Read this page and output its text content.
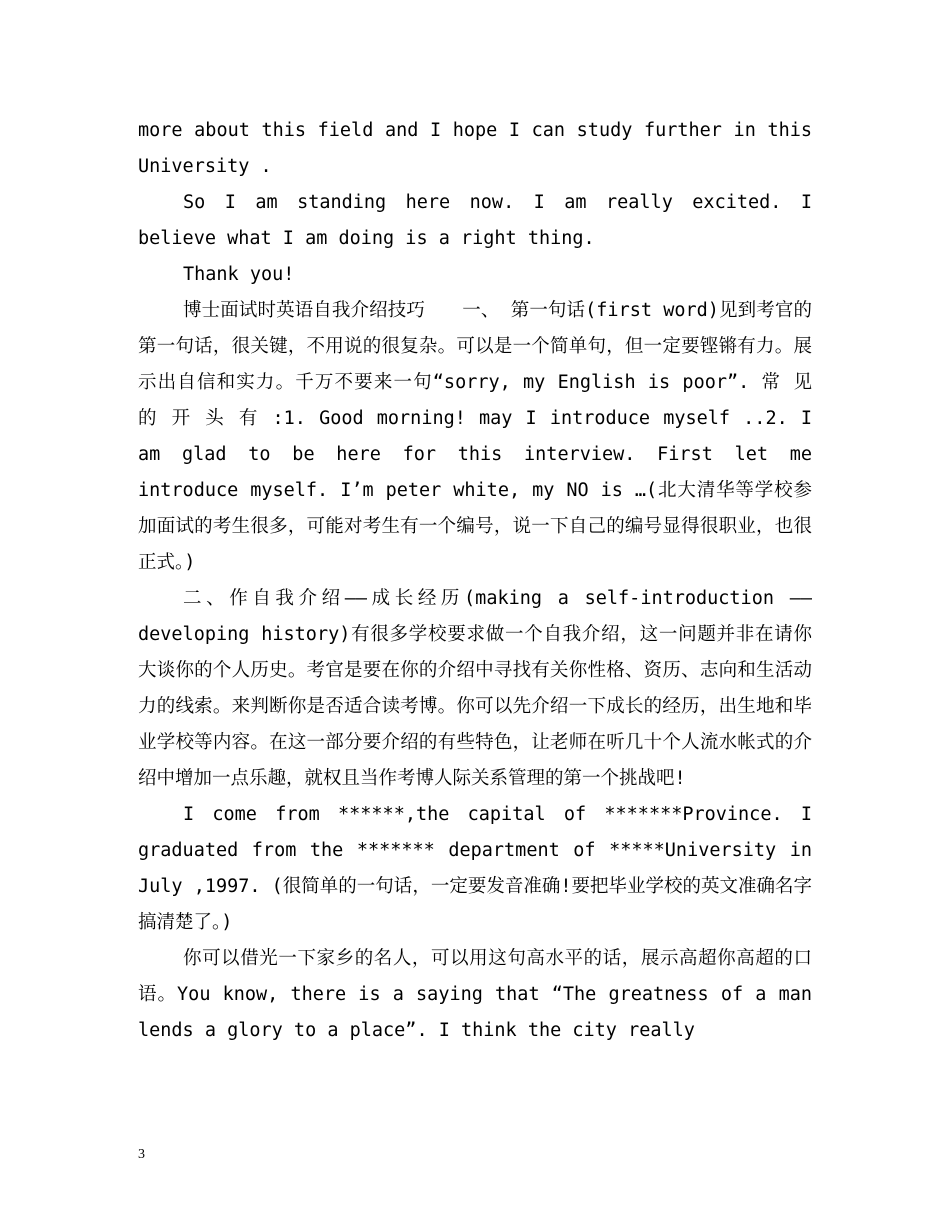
more about this field and I hope I can study further in this University .

So I am standing here now. I am really excited. I believe what I am doing is a right thing.

Thank you!

博士面试时英语自我介绍技巧　　一、 第一句话(first word)见到考官的第一句话，很关键，不用说的很复杂。可以是一个简单句，但一定要铿锵有力。展示出自信和实力。千万不要来一句“sorry, my English is poor”. 常 见 的 开 头 有 :1. Good morning! may I introduce myself ..2. I am glad to be here for this interview. First let me introduce myself. I’m peter white, my NO is …(北大清华等学校参加面试的考生很多，可能对考生有一个编号，说一下自己的编号显得很职业，也很正式。)

二、作自我介绍——成长经历(making a self-introduction —— developing history)有很多学校要求做一个自我介绍，这一问题并非在请你大谈你的个人历史。考官是要在你的介绍中寻找有关你性格、资历、志向和生活动力的线索。来判断你是否适合读考博。你可以先介绍一下成长的经历，出生地和毕业学校等内容。在这一部分要介绍的有些特色，让老师在听几十个人流水帐式的介绍中增加一点乐趣，就权且当作考博人际关系管理的第一个挑战吧!

I come from ******,the capital of *******Province. I graduated from the ******* department of *****University in July ,1997. (很简单的一句话，一定要发音准确!要把毕业学校的英文准确名字搞清楚了。)

你可以借光一下家乡的名人，可以用这句高水平的话，展示高超你高超的口语。You know, there is a saying that “The greatness of a man lends a glory to a place”. I think the city really

3
